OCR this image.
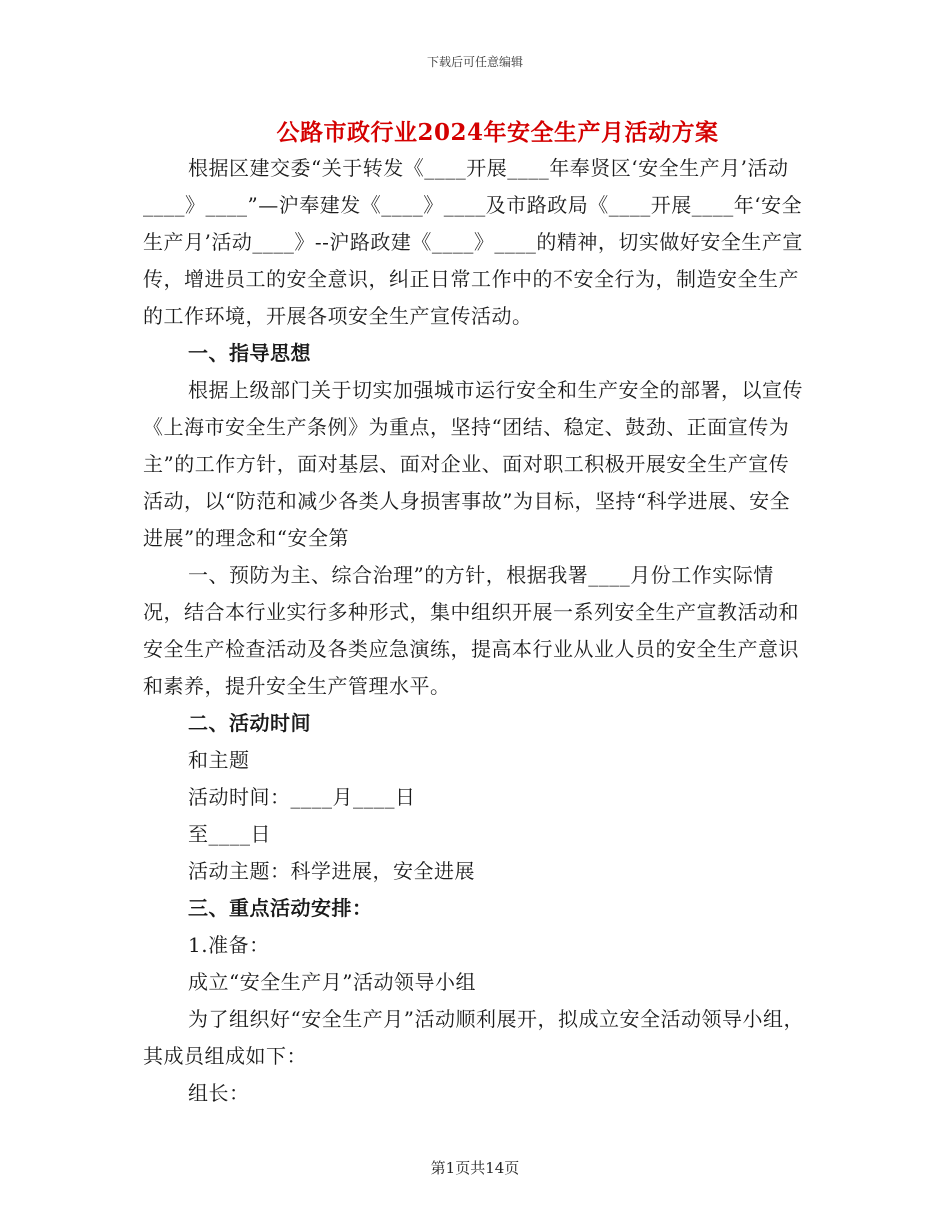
下载后可任意编辑
公路市政行业2024年安全生产月活动方案

根据区建交委“关于转发《____开展____年奉贤区‘安全生产月’活动____》____”—沪奉建发《____》____及市路政局《____开展____年‘安全生产月’活动____》--沪路政建《____》____的精神，切实做好安全生产宣传，增进员工的安全意识，纠正日常工作中的不安全行为，制造安全生产的工作环境，开展各项安全生产宣传活动。

一、指导思想

根据上级部门关于切实加强城市运行安全和生产安全的部署，以宣传《上海市安全生产条例》为重点，坚持“团结、稳定、鼓劲、正面宣传为主”的工作方针，面对基层、面对企业、面对职工积极开展安全生产宣传活动，以“防范和减少各类人身损害事故”为目标，坚持“科学进展、安全进展”的理念和“安全第

一、预防为主、综合治理”的方针，根据我署____月份工作实际情况，结合本行业实行多种形式，集中组织开展一系列安全生产宣教活动和安全生产检查活动及各类应急演练，提高本行业从业人员的安全生产意识和素养，提升安全生产管理水平。

二、活动时间

和主题

活动时间：____月____日

至____日

活动主题：科学进展，安全进展

三、重点活动安排：

1.准备：

成立“安全生产月”活动领导小组

为了组织好“安全生产月”活动顺利展开，拟成立安全活动领导小组，其成员组成如下：

组长：

第1页共14页
